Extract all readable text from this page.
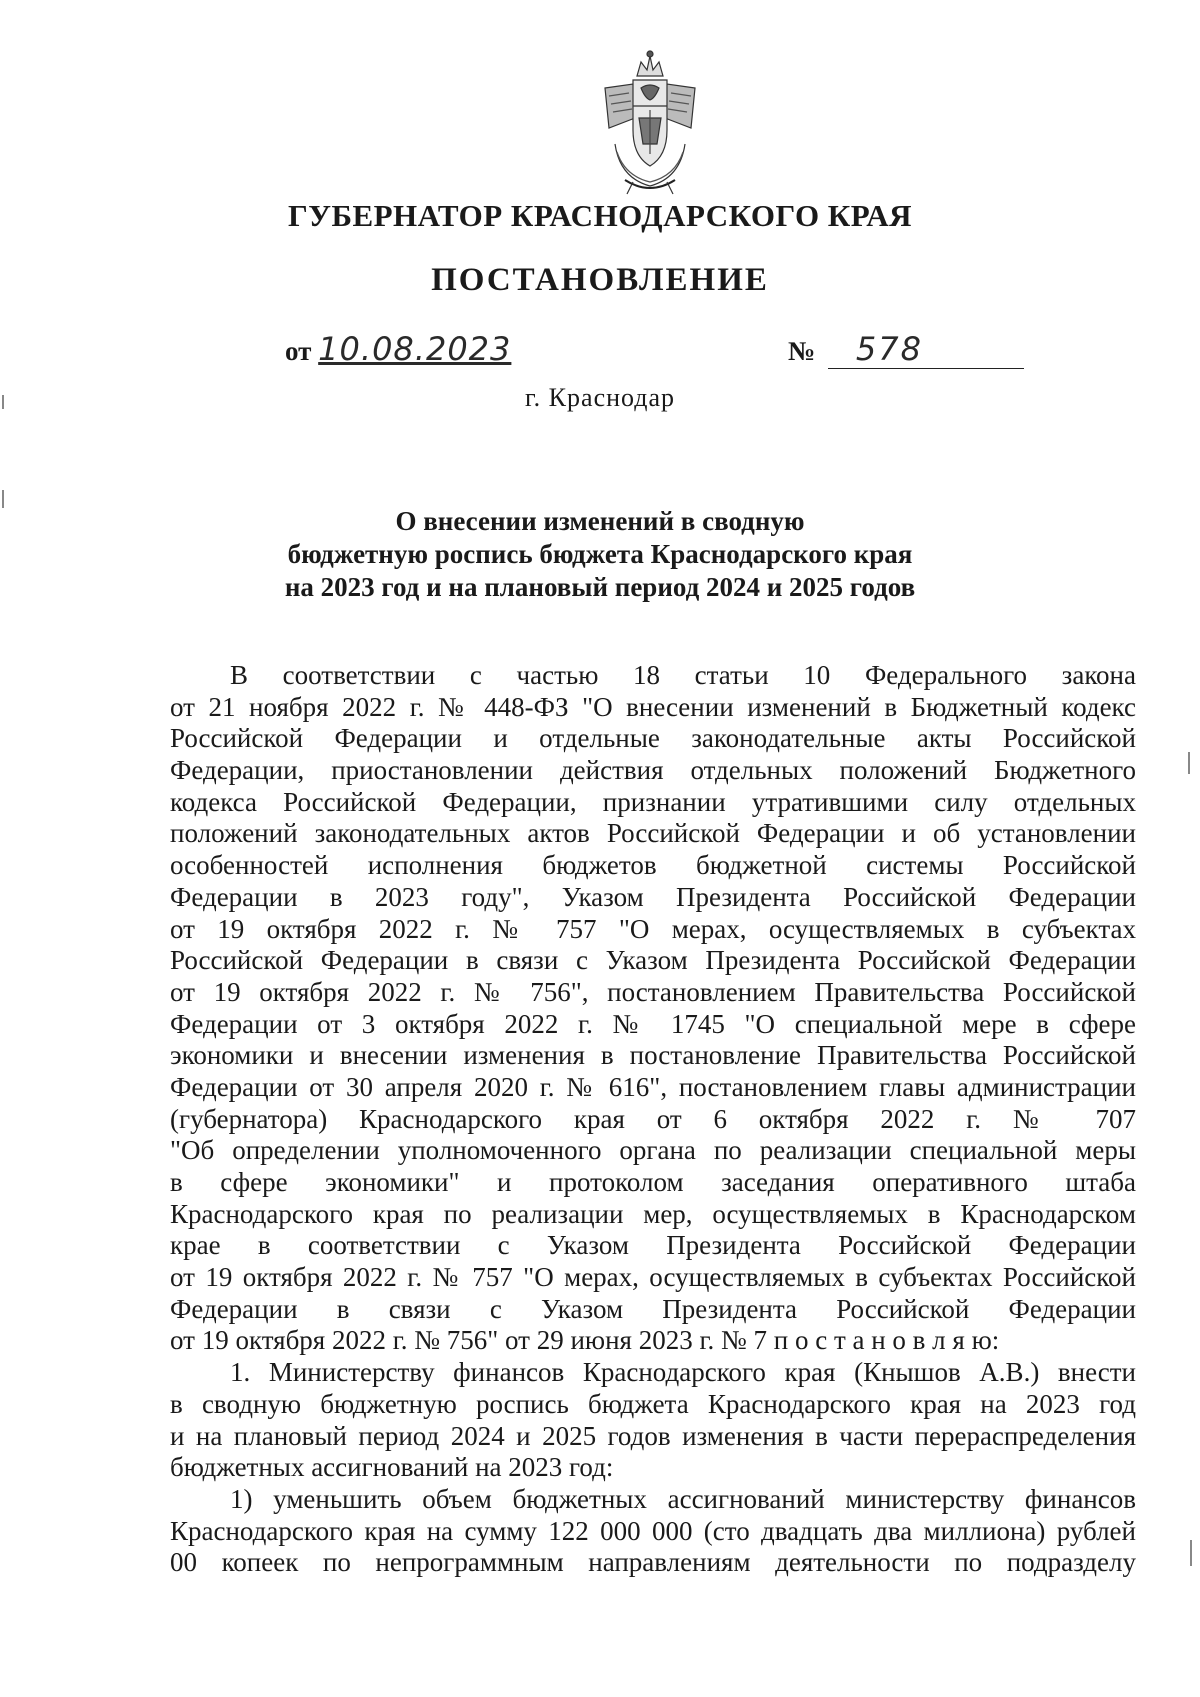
ГУБЕРНАТОР КРАСНОДАРСКОГО КРАЯ
ПОСТАНОВЛЕНИЕ
от 10.08.2023	№ 578
г. Краснодар
О внесении изменений в сводную
бюджетную роспись бюджета Краснодарского края
на 2023 год и на плановый период 2024 и 2025 годов
В соответствии с частью 18 статьи 10 Федерального закона
от 21 ноября 2022 г. № 448-ФЗ "О внесении изменений в Бюджетный кодекс
Российской Федерации и отдельные законодательные акты Российской
Федерации, приостановлении действия отдельных положений Бюджетного
кодекса Российской Федерации, признании утратившими силу отдельных
положений законодательных актов Российской Федерации и об установлении
особенностей исполнения бюджетов бюджетной системы Российской
Федерации в 2023 году", Указом Президента Российской Федерации
от 19 октября 2022 г. № 757 "О мерах, осуществляемых в субъектах
Российской Федерации в связи с Указом Президента Российской Федерации
от 19 октября 2022 г. № 756", постановлением Правительства Российской
Федерации от 3 октября 2022 г. № 1745 "О специальной мере в сфере
экономики и внесении изменения в постановление Правительства Российской
Федерации от 30 апреля 2020 г. № 616", постановлением главы администрации
(губернатора) Краснодарского края от 6 октября 2022 г. № 707
"Об определении уполномоченного органа по реализации специальной меры
в сфере экономики" и протоколом заседания оперативного штаба
Краснодарского края по реализации мер, осуществляемых в Краснодарском
крае в соответствии с Указом Президента Российской Федерации
от 19 октября 2022 г. № 757 "О мерах, осуществляемых в субъектах Российской
Федерации в связи с Указом Президента Российской Федерации
от 19 октября 2022 г. № 756" от 29 июня 2023 г. № 7 п о с т а н о в л я ю:
1. Министерству финансов Краснодарского края (Кнышов А.В.) внести
в сводную бюджетную роспись бюджета Краснодарского края на 2023 год
и на плановый период 2024 и 2025 годов изменения в части перераспределения
бюджетных ассигнований на 2023 год:
1) уменьшить объем бюджетных ассигнований министерству финансов
Краснодарского края на сумму 122 000 000 (сто двадцать два миллиона) рублей
00 копеек по непрограммным направлениям деятельности по подразделу
